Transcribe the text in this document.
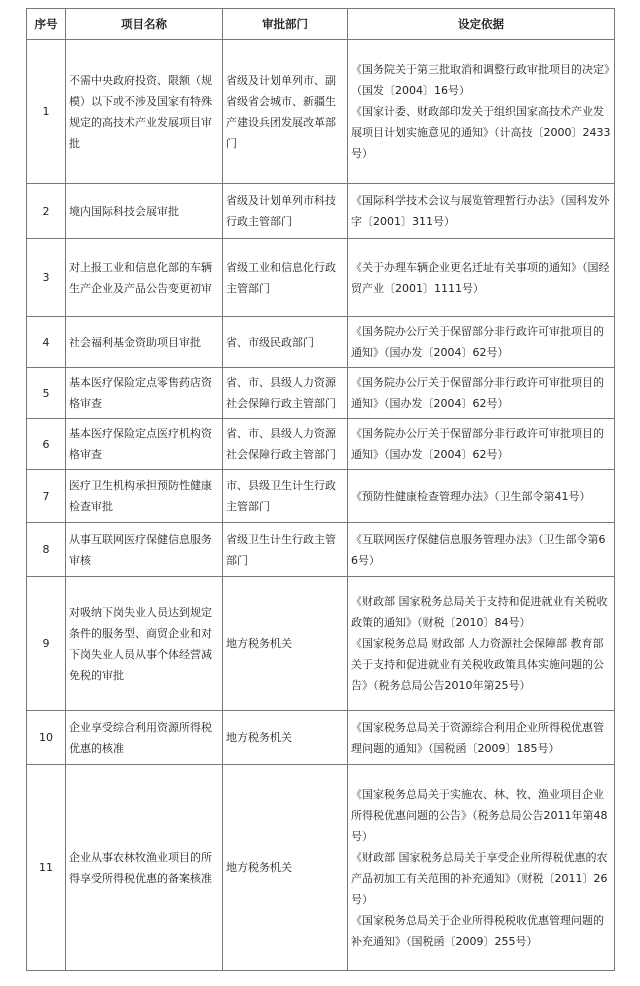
序号	项目名称	审批部门	设定依据
1	不需中央政府投资、限额（规模）以下或不涉及国家有特殊规定的高技术产业发展项目审批	省级及计划单列市、副省级省会城市、新疆生产建设兵团发展改革部门	《国务院关于第三批取消和调整行政审批项目的决定》（国发〔2004〕16号）
《国家计委、财政部印发关于组织国家高技术产业发展项目计划实施意见的通知》（计高技〔2000〕2433号）

2	境内国际科技会展审批	省级及计划单列市科技行政主管部门	《国际科学技术会议与展览管理暂行办法》（国科发外字〔2001〕311号）

3	对上报工业和信息化部的车辆生产企业及产品公告变更初审	省级工业和信息化行政主管部门	《关于办理车辆企业更名迁址有关事项的通知》（国经贸产业〔2001〕1111号）

4	社会福利基金资助项目审批	省、市级民政部门	《国务院办公厅关于保留部分非行政许可审批项目的通知》（国办发〔2004〕62号）

5	基本医疗保险定点零售药店资格审查	省、市、县级人力资源社会保障行政主管部门	《国务院办公厅关于保留部分非行政许可审批项目的通知》（国办发〔2004〕62号）

6	基本医疗保险定点医疗机构资格审查	省、市、县级人力资源社会保障行政主管部门	《国务院办公厅关于保留部分非行政许可审批项目的通知》（国办发〔2004〕62号）

7	医疗卫生机构承担预防性健康检查审批	市、县级卫生计生行政主管部门	《预防性健康检查管理办法》（卫生部令第41号）

8	从事互联网医疗保健信息服务审核	省级卫生计生行政主管部门	《互联网医疗保健信息服务管理办法》（卫生部令第66号）

9	对吸纳下岗失业人员达到规定条件的服务型、商贸企业和对下岗失业人员从事个体经营减免税的审批	地方税务机关	《财政部 国家税务总局关于支持和促进就业有关税收政策的通知》（财税〔2010〕84号）
《国家税务总局 财政部 人力资源社会保障部 教育部关于支持和促进就业有关税收政策具体实施问题的公告》（税务总局公告2010年第25号）

10	企业享受综合利用资源所得税优惠的核准	地方税务机关	《国家税务总局关于资源综合利用企业所得税优惠管理问题的通知》（国税函〔2009〕185号）

11	企业从事农林牧渔业项目的所得享受所得税优惠的备案核准	地方税务机关	《国家税务总局关于实施农、林、牧、渔业项目企业所得税优惠问题的公告》（税务总局公告2011年第48号）
《财政部 国家税务总局关于享受企业所得税优惠的农产品初加工有关范围的补充通知》（财税〔2011〕26号）
《国家税务总局关于企业所得税税收优惠管理问题的补充通知》（国税函〔2009〕255号）
